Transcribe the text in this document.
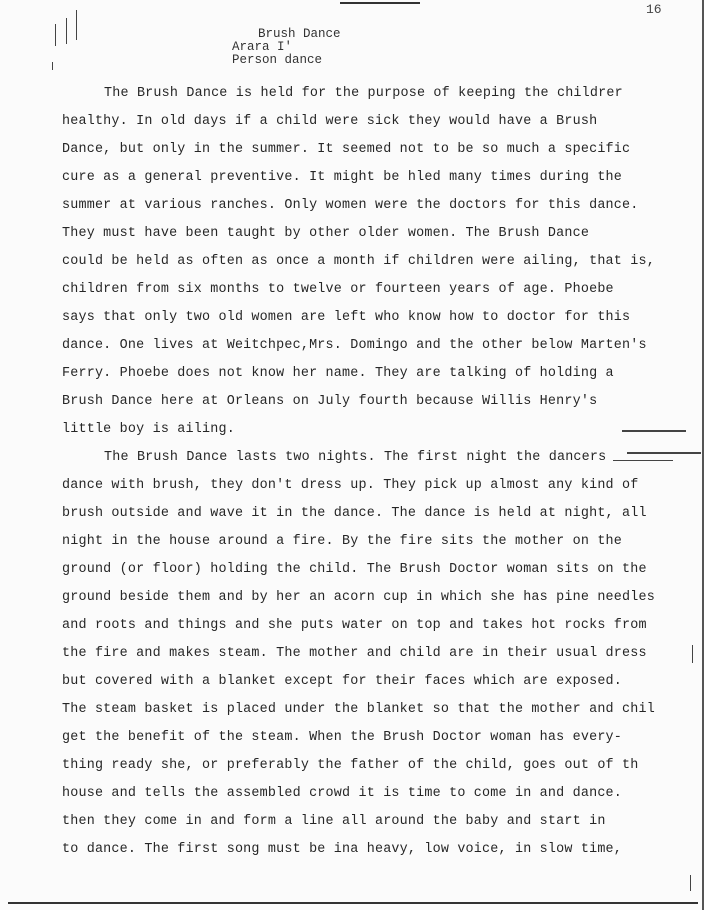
16
Brush Dance
Arara I'
Person dance
The Brush Dance is held for the purpose of keeping the childrer
healthy. In old days if a child were sick they would have a Brush
Dance, but only in the summer. It seemed not to be so much a specific
cure as a general preventive. It might be hled many times during the
summer at various ranches. Only women were the doctors for this dance.
They must have been taught by other older women. The Brush Dance
could be held as often as once a month if children were ailing, that is,
children from six months to twelve or fourteen years of age. Phoebe
says that only two old women are left who know how to doctor for this
dance. One lives at Weitchpec,Mrs. Domingo and the other below Marten's
Ferry. Phoebe does not know her name. They are talking of holding a
Brush Dance here at Orleans on July fourth because Willis Henry's
little boy is ailing.
The Brush Dance lasts two nights. The first night the dancers
dance with brush, they don't dress up. They pick up almost any kind of
brush outside and wave it in the dance. The dance is held at night, all
night in the house around a fire. By the fire sits the mother on the
ground (or floor) holding the child. The Brush Doctor woman sits on the
ground beside them and by her an acorn cup in which she has pine needles
and roots and things and she puts water on top and takes hot rocks from
the fire and makes steam. The mother and child are in their usual dress
but covered with a blanket except for their faces which are exposed.
The steam basket is placed under the blanket so that the mother and chil
get the benefit of the steam. When the Brush Doctor woman has every-
thing ready she, or preferably the father of the child, goes out of th
house and tells the assembled crowd it is time to come in and dance.
then they come in and form a line all around the baby and start in
to dance. The first song must be ina heavy, low voice, in slow time,
